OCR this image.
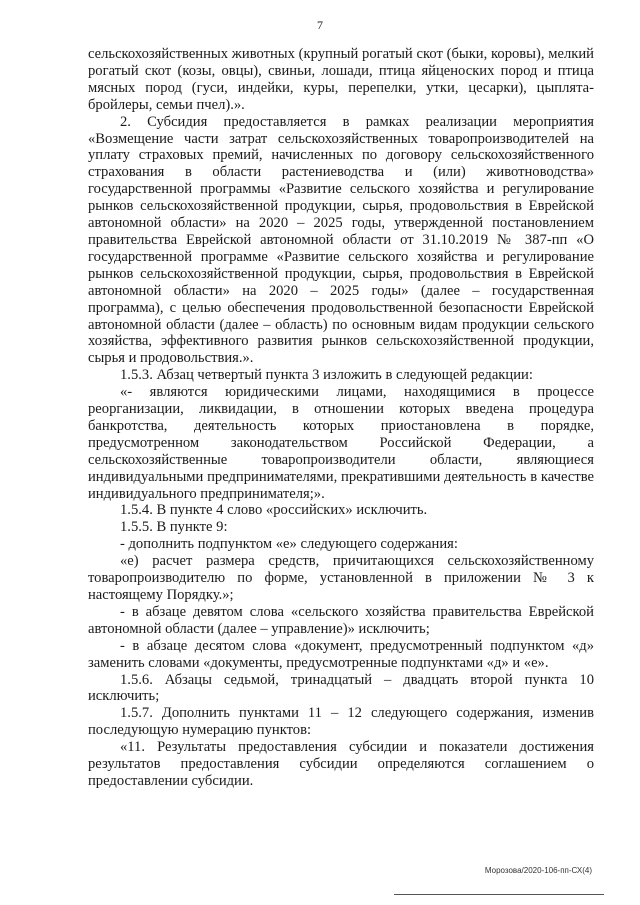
7

сельскохозяйственных животных (крупный рогатый скот (быки, коровы), мелкий рогатый скот (козы, овцы), свиньи, лошади, птица яйценоских пород и птица мясных пород (гуси, индейки, куры, перепелки, утки, цесарки), цыплята-бройлеры, семьи пчел).».

2. Субсидия предоставляется в рамках реализации мероприятия «Возмещение части затрат сельскохозяйственных товаропроизводителей на уплату страховых премий, начисленных по договору сельскохозяйственного страхования в области растениеводства и (или) животноводства» государственной программы «Развитие сельского хозяйства и регулирование рынков сельскохозяйственной продукции, сырья, продовольствия в Еврейской автономной области» на 2020 – 2025 годы, утвержденной постановлением правительства Еврейской автономной области от 31.10.2019 № 387-пп «О государственной программе «Развитие сельского хозяйства и регулирование рынков сельскохозяйственной продукции, сырья, продовольствия в Еврейской автономной области» на 2020 – 2025 годы» (далее – государственная программа), с целью обеспечения продовольственной безопасности Еврейской автономной области (далее – область) по основным видам продукции сельского хозяйства, эффективного развития рынков сельскохозяйственной продукции, сырья и продовольствия.».

1.5.3. Абзац четвертый пункта 3 изложить в следующей редакции:

«- являются юридическими лицами, находящимися в процессе реорганизации, ликвидации, в отношении которых введена процедура банкротства, деятельность которых приостановлена в порядке, предусмотренном законодательством Российской Федерации, а сельскохозяйственные товаропроизводители области, являющиеся индивидуальными предпринимателями, прекратившими деятельность в качестве индивидуального предпринимателя;».

1.5.4. В пункте 4 слово «российских» исключить.

1.5.5. В пункте 9:

- дополнить подпунктом «е» следующего содержания:

«е) расчет размера средств, причитающихся сельскохозяйственному товаропроизводителю по форме, установленной в приложении № 3 к настоящему Порядку.»;

- в абзаце девятом слова «сельского хозяйства правительства Еврейской автономной области (далее – управление)» исключить;

- в абзаце десятом слова «документ, предусмотренный подпунктом «д» заменить словами «документы, предусмотренные подпунктами «д» и «е».

1.5.6. Абзацы седьмой, тринадцатый – двадцать второй пункта 10 исключить;

1.5.7. Дополнить пунктами 11 – 12 следующего содержания, изменив последующую нумерацию пунктов:

«11. Результаты предоставления субсидии и показатели достижения результатов предоставления субсидии определяются соглашением о предоставлении субсидии.

Морозова/2020-106-пп-СХ(4)
